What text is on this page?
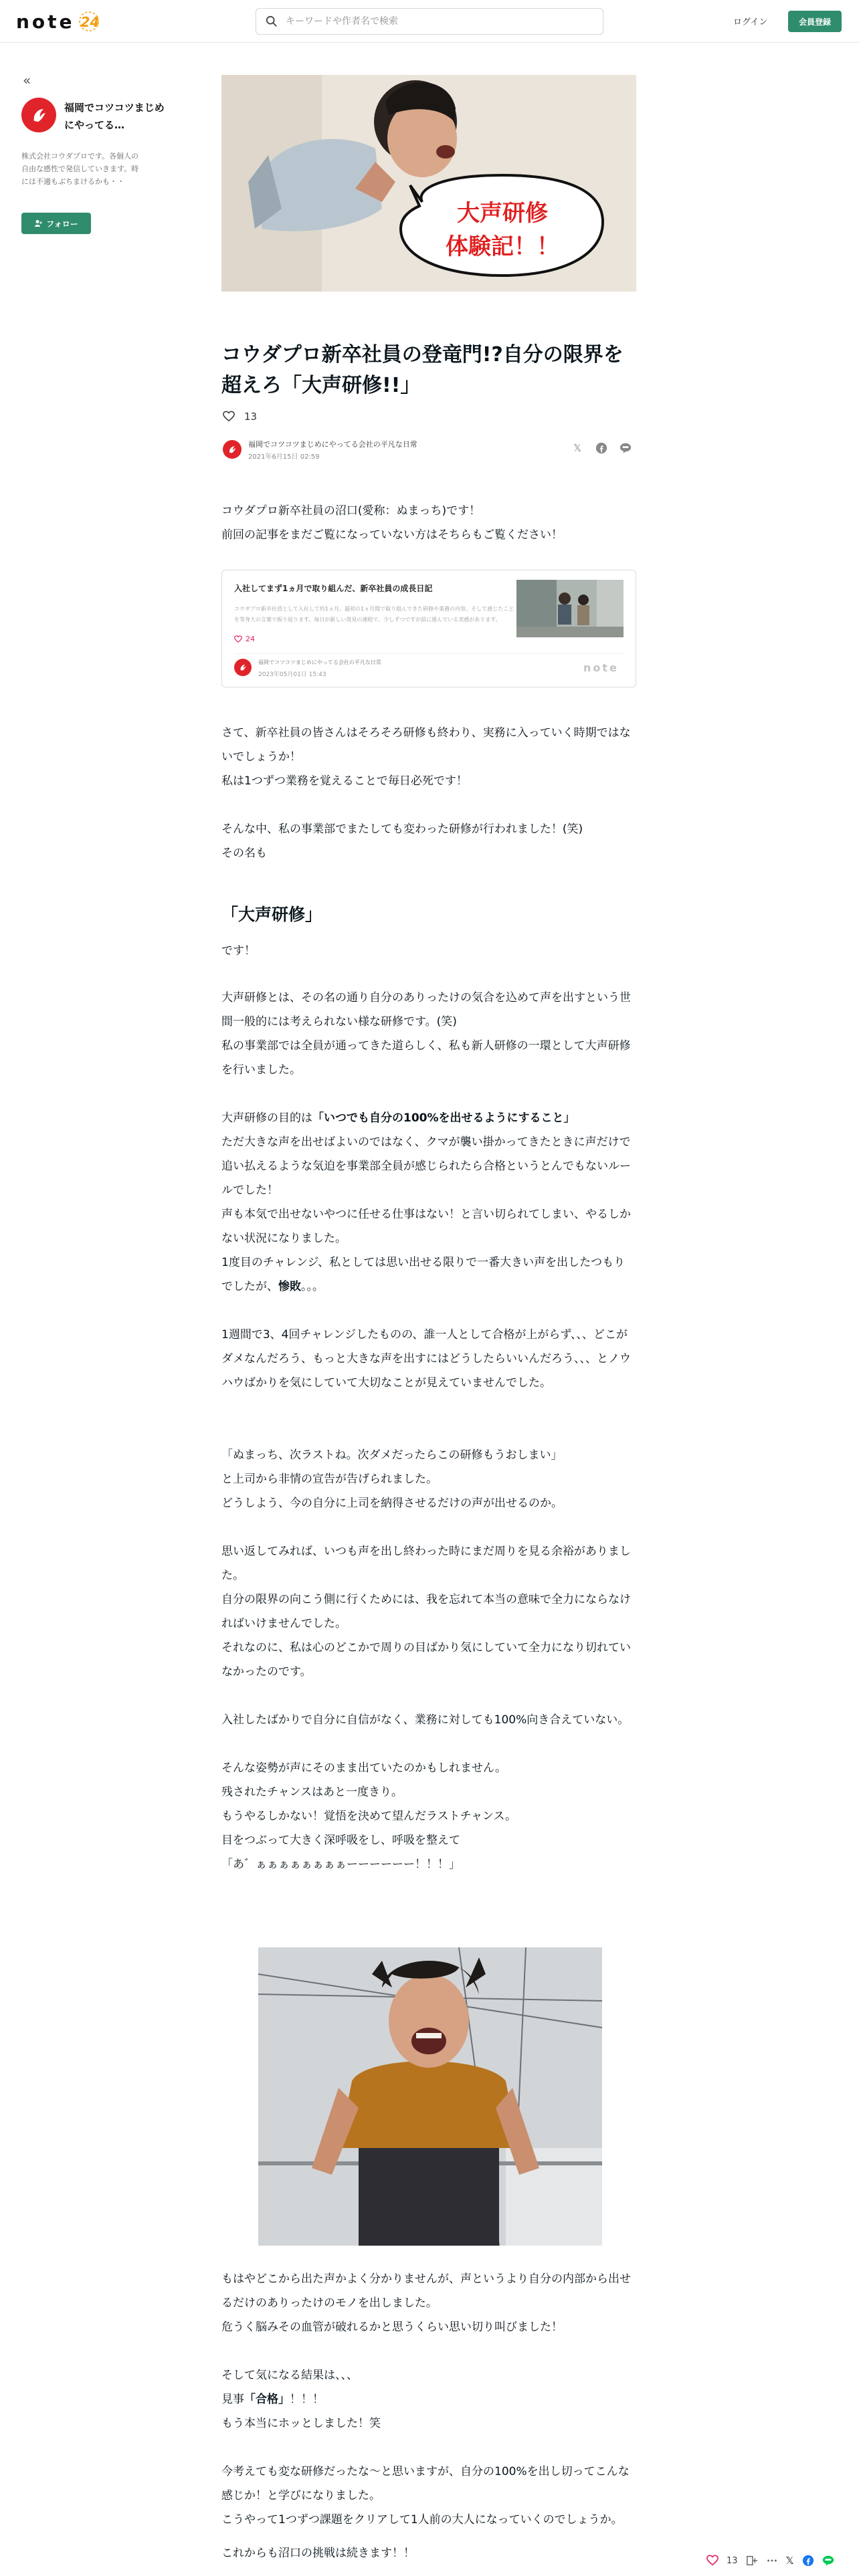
note 24
キーワードや作者名で検索	ログイン	会員登録
«
福岡でコツコツまじめにやってる…
株式会社コウダプロです。各個人の自由な感性で発信していきます。時には不適もぶちまけるかも・・
フォロー	大声研修
体験記！！
コウダプロ新卒社員の登竜門!?自分の限界を超えろ「大声研修!!」
13
福岡でコツコツまじめにやってる会社の平凡な日常
2021年6月15日 02:59
𝕏

コウダプロ新卒社員の沼口(愛称：ぬまっち)です！

前回の記事をまだご覧になっていない方はそちらもご覧ください！

入社してまず1ヵ月で取り組んだ、新卒社員の成長日記
コウダプロ新卒社員として入社して約1ヵ月。最初の1ヵ月間で取り組んできた研修や業務の内容、そして感じたことを等身大の言葉で振り返ります。毎日が新しい発見の連続で、少しずつですが前に進んでいる実感があります。
24
福岡でコツコツまじめにやってる会社の平凡な日常
2023年05月01日 15:43
note

さて、新卒社員の皆さんはそろそろ研修も終わり、実務に入っていく時期ではないでしょうか！

私は1つずつ業務を覚えることで毎日必死です！

そんな中、私の事業部でまたしても変わった研修が行われました！(笑)

その名も

「大声研修」

です！

大声研修とは、その名の通り自分のありったけの気合を込めて声を出すという世間一般的には考えられない様な研修です。(笑)

私の事業部では全員が通ってきた道らしく、私も新人研修の一環として大声研修を行いました。

大声研修の目的は「いつでも自分の100%を出せるようにすること」

ただ大きな声を出せばよいのではなく、クマが襲い掛かってきたときに声だけで追い払えるような気迫を事業部全員が感じられたら合格というとんでもないルールでした！

声も本気で出せないやつに任せる仕事はない！と言い切られてしまい、やるしかない状況になりました。

1度目のチャレンジ、私としては思い出せる限りで一番大きい声を出したつもりでしたが、惨敗。。。

1週間で3、4回チャレンジしたものの、誰一人として合格が上がらず、、、どこがダメなんだろう、もっと大きな声を出すにはどうしたらいいんだろう、、、とノウハウばかりを気にしていて大切なことが見えていませんでした。

「ぬまっち、次ラストね。次ダメだったらこの研修もうおしまい」

と上司から非情の宣告が告げられました。

どうしよう、今の自分に上司を納得させるだけの声が出せるのか。

思い返してみれば、いつも声を出し終わった時にまだ周りを見る余裕がありました。

自分の限界の向こう側に行くためには、我を忘れて本当の意味で全力にならなければいけませんでした。

それなのに、私は心のどこかで周りの目ばかり気にしていて全力になり切れていなかったのです。

入社したばかりで自分に自信がなく、業務に対しても100%向き合えていない。

そんな姿勢が声にそのまま出ていたのかもしれません。

残されたチャンスはあと一度きり。

もうやるしかない！覚悟を決めて望んだラストチャンス。

目をつぶって大きく深呼吸をし、呼吸を整えて

「あ゛ぁぁぁぁぁぁぁぁーーーーーー！！！」

もはやどこから出た声かよく分かりませんが、声というより自分の内部から出せるだけのありったけのモノを出しました。

危うく脳みその血管が破れるかと思うくらい思い切り叫びました！

そして気になる結果は、、、

見事「合格」！！！

もう本当にホッとしました！笑

今考えても変な研修だったな〜と思いますが、自分の100%を出し切ってこんな感じか！と学びになりました。

こうやって1つずつ課題をクリアして1人前の大人になっていくのでしょうか。

これからも沼口の挑戦は続きます！！

13	𝕏
